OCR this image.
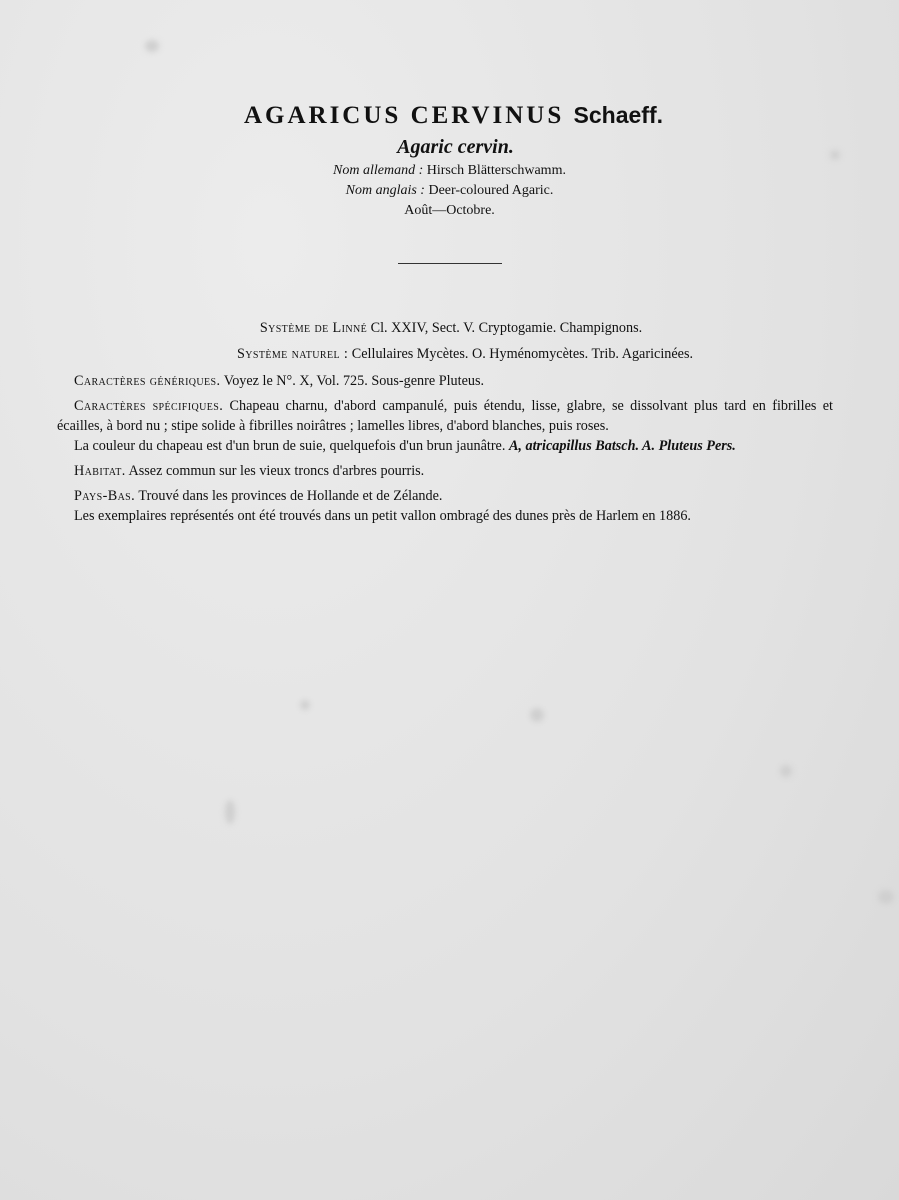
AGARICUS CERVINUS Schaeff.
Agaric cervin.
Nom allemand : Hirsch Blätterschwamm.
Nom anglais : Deer-coloured Agaric.
Août—Octobre.

Système de Linné Cl. XXIV, Sect. V. Cryptogamie. Champignons.

Système naturel : Cellulaires Mycètes. O. Hyménomycètes. Trib. Agaricinées.

Caractères génériques. Voyez le N°. X, Vol. 725. Sous-genre Pluteus.

Caractères spécifiques. Chapeau charnu, d'abord campanulé, puis étendu, lisse, glabre, se dissolvant plus tard en fibrilles et écailles, à bord nu ; stipe solide à fibrilles noirâtres ; lamelles libres, d'abord blanches, puis roses.

La couleur du chapeau est d'un brun de suie, quelquefois d'un brun jaunâtre. A, atricapillus Batsch. A. Pluteus Pers.

Habitat. Assez commun sur les vieux troncs d'arbres pourris.

Pays-Bas. Trouvé dans les provinces de Hollande et de Zélande.

Les exemplaires représentés ont été trouvés dans un petit vallon ombragé des dunes près de Harlem en 1886.
